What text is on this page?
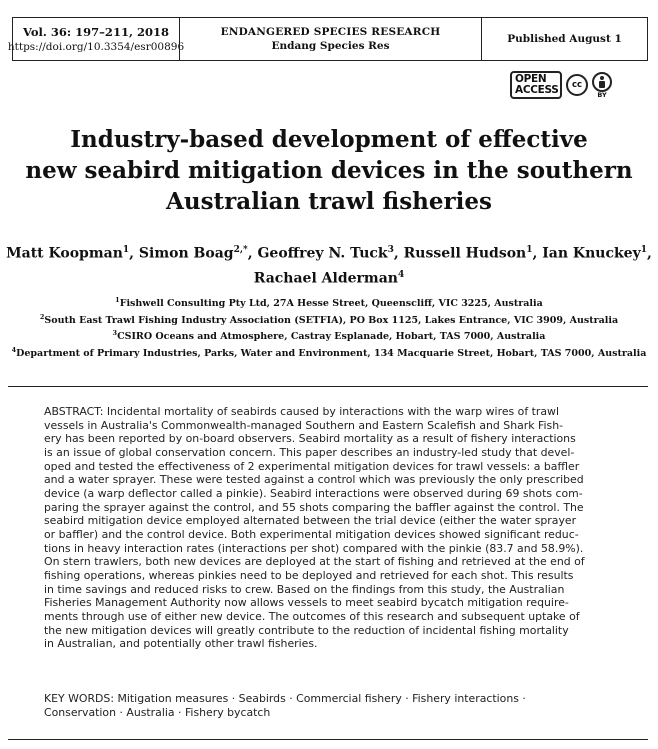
Vol. 36: 197–211, 2018
https://doi.org/10.3354/esr00896
ENDANGERED SPECIES RESEARCH
Endang Species Res
Published August 1
OPEN
ACCESS	cc
BY
Industry-based development of effective
new seabird mitigation devices in the southern
Australian trawl fisheries
Matt Koopman$^1$, Simon Boag$^{2,*}$, Geoffrey N. Tuck$^3$, Russell Hudson$^1$, Ian Knuckey$^1$,
Rachael Alderman$^4$
$^1$Fishwell Consulting Pty Ltd, 27A Hesse Street, Queenscliff, VIC 3225, Australia
$^2$South East Trawl Fishing Industry Association (SETFIA), PO Box 1125, Lakes Entrance, VIC 3909, Australia
$^3$CSIRO Oceans and Atmosphere, Castray Esplanade, Hobart, TAS 7000, Australia
$^4$Department of Primary Industries, Parks, Water and Environment, 134 Macquarie Street, Hobart, TAS 7000, Australia
ABSTRACT: Incidental mortality of seabirds caused by interactions with the warp wires of trawl
vessels in Australia's Commonwealth-managed Southern and Eastern Scalefish and Shark Fish-
ery has been reported by on-board observers. Seabird mortality as a result of fishery interactions
is an issue of global conservation concern. This paper describes an industry-led study that devel-
oped and tested the effectiveness of 2 experimental mitigation devices for trawl vessels: a baffler
and a water sprayer. These were tested against a control which was previously the only prescribed
device (a warp deflector called a pinkie). Seabird interactions were observed during 69 shots com-
paring the sprayer against the control, and 55 shots comparing the baffler against the control. The
seabird mitigation device employed alternated between the trial device (either the water sprayer
or baffler) and the control device. Both experimental mitigation devices showed significant reduc-
tions in heavy interaction rates (interactions per shot) compared with the pinkie (83.7 and 58.9%).
On stern trawlers, both new devices are deployed at the start of fishing and retrieved at the end of
fishing operations, whereas pinkies need to be deployed and retrieved for each shot. This results
in time savings and reduced risks to crew. Based on the findings from this study, the Australian
Fisheries Management Authority now allows vessels to meet seabird bycatch mitigation require-
ments through use of either new device. The outcomes of this research and subsequent uptake of
the new mitigation devices will greatly contribute to the reduction of incidental fishing mortality
in Australian, and potentially other trawl fisheries.
KEY WORDS: Mitigation measures · Seabirds · Commercial fishery · Fishery interactions ·
Conservation · Australia · Fishery bycatch
